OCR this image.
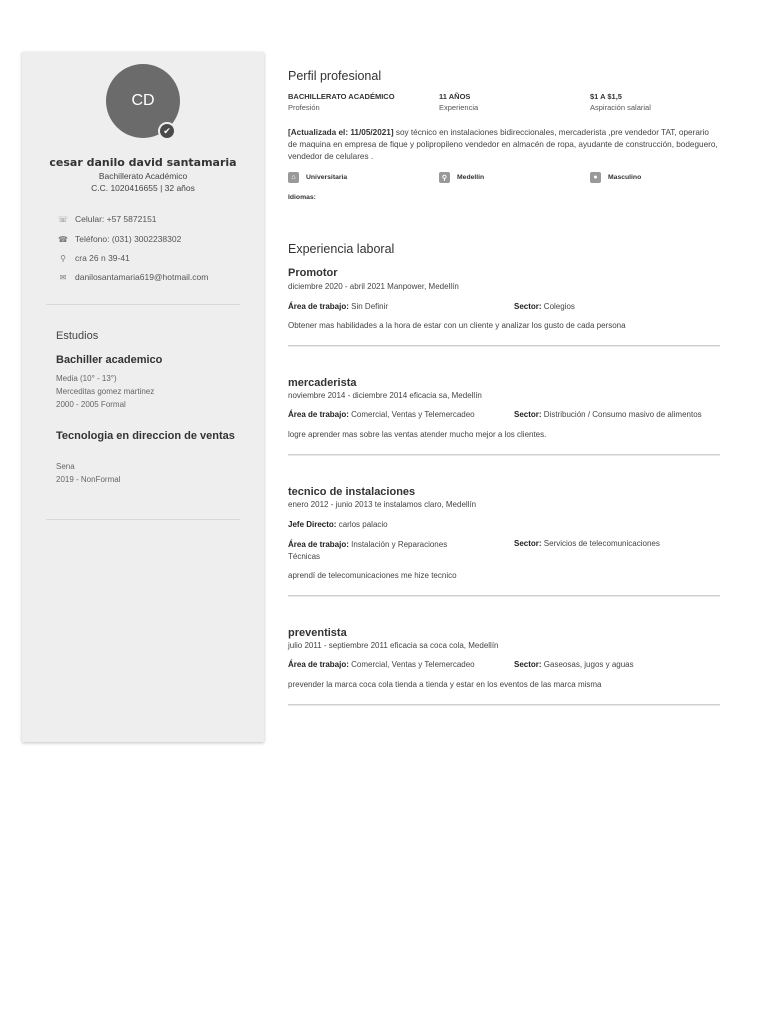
CD
✔
cesar danilo david santamaria
Bachillerato Académico
C.C. 1020416655 | 32 años
☏ Celular: +57 5872151
☎ Teléfono: (031) 3002238302
⚲	cra 26 n 39-41
✉	danilosantamaria619@hotmail.com
Estudios
Bachiller academico
Media (10° - 13°)
Merceditas gomez martinez
2000 - 2005 Formal
Tecnologia en direccion de ventas
Sena
2019 - NonFormal
Perfil profesional
BACHILLERATO ACADÉMICO
Profesión
11 AÑOS
Experiencia
$1 A $1,5
Aspiración salarial
[Actualizada el: 11/05/2021] soy técnico en instalaciones bidireccionales, mercaderista ,pre vendedor TAT, operario de maquina en empresa de fique y polipropileno vendedor en almacén de ropa, ayudante de construcción, bodeguero, vendedor de celulares .
⌂	Universitaria	⚲	Medellín	●	Masculino
Idiomas:
Experiencia laboral
Promotor
diciembre 2020 - abril 2021 Manpower, Medellín
Área de trabajo: Sin Definir	Sector: Colegios
Obtener mas habilidades a la hora de estar con un cliente y analizar los gusto de cada persona
mercaderista
noviembre 2014 - diciembre 2014 eficacia sa, Medellín
Área de trabajo: Comercial, Ventas y Telemercadeo	Sector: Distribución / Consumo masivo de alimentos
logre aprender mas sobre las ventas atender mucho mejor a los clientes.
tecnico de instalaciones
enero 2012 - junio 2013 te instalamos claro, Medellín
Jefe Directo: carlos palacio
Área de trabajo: Instalación y Reparaciones
Técnicas
Sector: Servicios de telecomunicaciones
aprendí de telecomunicaciones me hize tecnico
preventista
julio 2011 - septiembre 2011 eficacia sa coca cola, Medellín
Área de trabajo: Comercial, Ventas y Telemercadeo	Sector: Gaseosas, jugos y aguas
prevender la marca coca cola tienda a tienda y estar en los eventos de las marca misma
